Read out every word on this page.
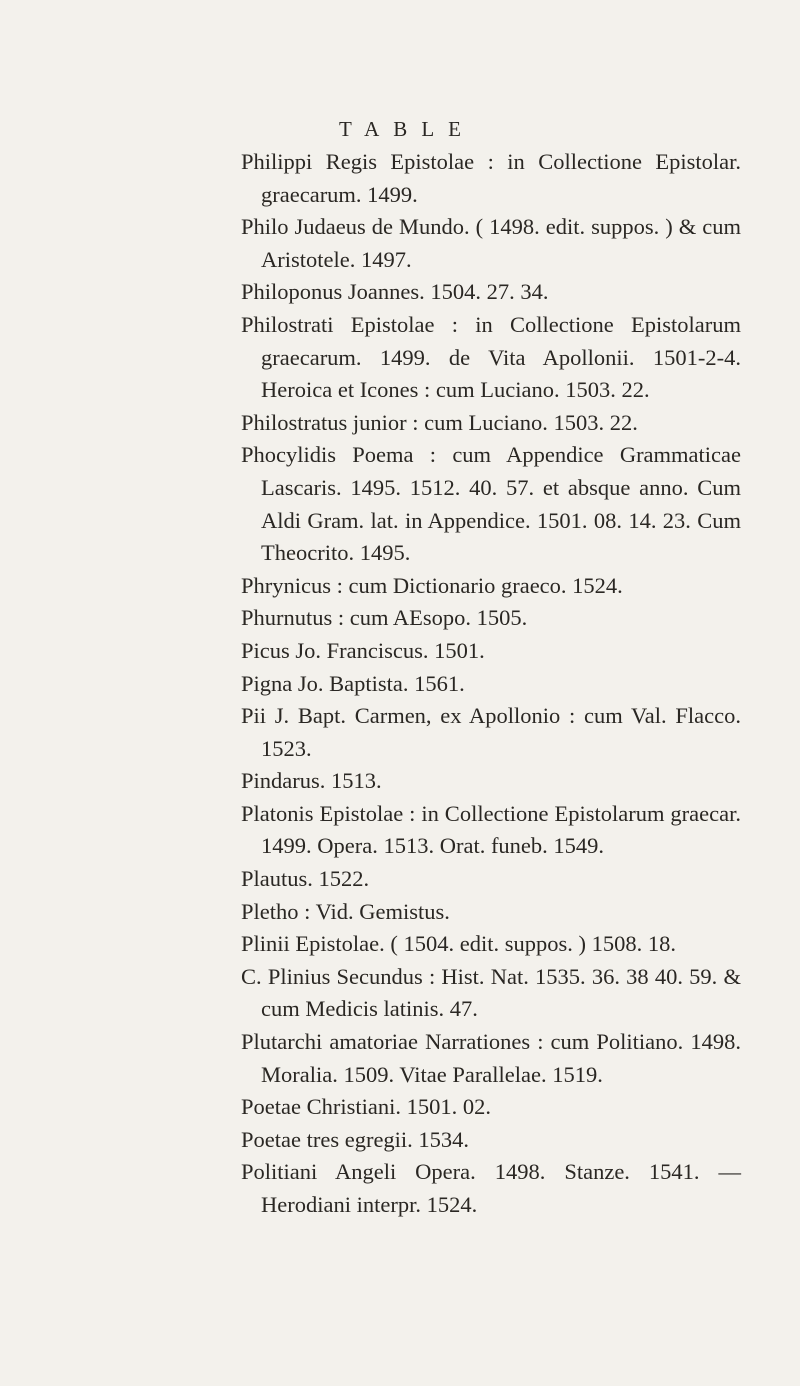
TABLE

Philippi Regis Epistolae : in Collectione Epistolar. graecarum. 1499.

Philo Judaeus de Mundo. ( 1498. edit. suppos. ) & cum Aristotele. 1497.

Philoponus Joannes. 1504. 27. 34.

Philostrati Epistolae : in Collectione Epistolarum graecarum. 1499. de Vita Apollonii. 1501-2-4. Heroica et Icones : cum Luciano. 1503. 22.

Philostratus junior : cum Luciano. 1503. 22.

Phocylidis Poema : cum Appendice Grammaticae Lascaris. 1495. 1512. 40. 57. et absque anno. Cum Aldi Gram. lat. in Appendice. 1501. 08. 14. 23. Cum Theocrito. 1495.

Phrynicus : cum Dictionario graeco. 1524.

Phurnutus : cum AEsopo. 1505.

Picus Jo. Franciscus. 1501.

Pigna Jo. Baptista. 1561.

Pii J. Bapt. Carmen, ex Apollonio : cum Val. Flacco. 1523.

Pindarus. 1513.

Platonis Epistolae : in Collectione Epistolarum graecar. 1499. Opera. 1513. Orat. funeb. 1549.

Plautus. 1522.

Pletho : Vid. Gemistus.

Plinii Epistolae. ( 1504. edit. suppos. ) 1508. 18.

C. Plinius Secundus : Hist. Nat. 1535. 36. 38 40. 59. & cum Medicis latinis. 47.

Plutarchi amatoriae Narrationes : cum Politiano. 1498. Moralia. 1509. Vitae Parallelae. 1519.

Poetae Christiani. 1501. 02.

Poetae tres egregii. 1534.

Politiani Angeli Opera. 1498. Stanze. 1541. — Herodiani interpr. 1524.
